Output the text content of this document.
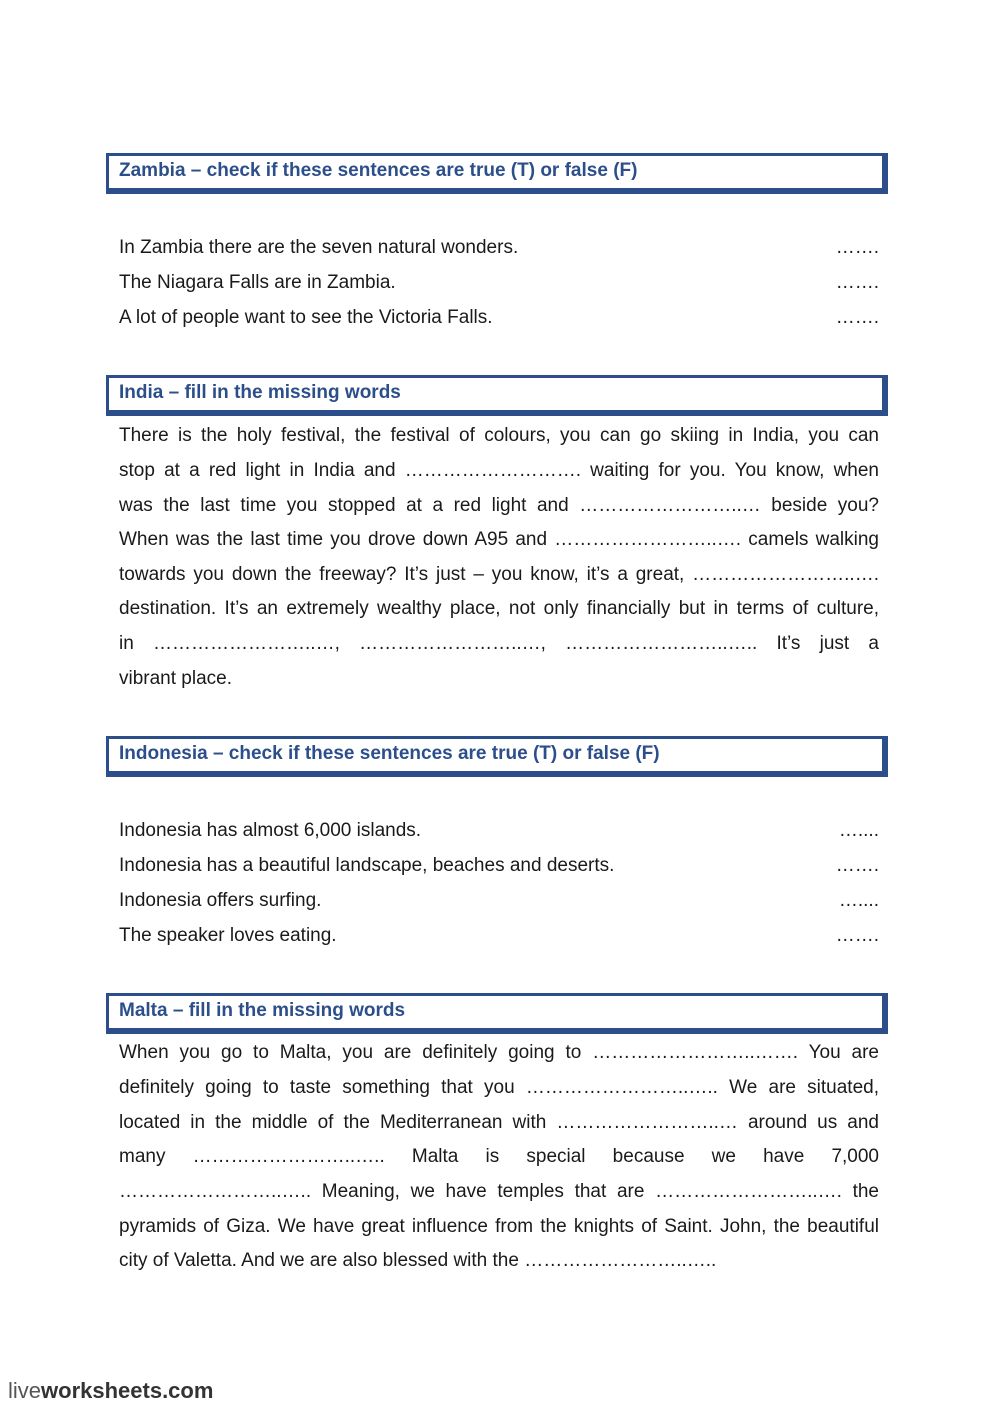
Zambia – check if these sentences are true (T) or false (F)
In Zambia there are the seven natural wonders.	…….
The Niagara Falls are in Zambia.	…….
A lot of people want to see the Victoria Falls.	…….
India – fill in the missing words
There is the holy festival, the festival of colours, you can go skiing in India, you can
stop at a red light in India and ………………………. waiting for you. You know, when
was the last time you stopped at a red light and ……………………..… beside you?
When was the last time you drove down A95 and ……………………..…. camels walking
towards you down the freeway? It’s just – you know, it’s a great, ……………………..….
destination. It’s an extremely wealthy place, not only financially but in terms of culture,
in ……………………..…, ……………………..…, ……………………..….. It’s just a
vibrant place.
Indonesia – check if these sentences are true (T) or false (F)
Indonesia has almost 6,000 islands.	…....
Indonesia has a beautiful landscape, beaches and deserts.	…….
Indonesia offers surfing.	…....
The speaker loves eating.	…….
Malta – fill in the missing words
When you go to Malta, you are definitely going to ……………………..……. You are
definitely going to taste something that you ……………………..….. We are situated,
located in the middle of the Mediterranean with ……………………..… around us and
many ……………………..….. Malta is special because we have 7,000
……………………..….. Meaning, we have temples that are ……………………..…. the
pyramids of Giza. We have great influence from the knights of Saint. John, the beautiful
city of Valetta. And we are also blessed with the ……………………..…..
liveworksheets.com
